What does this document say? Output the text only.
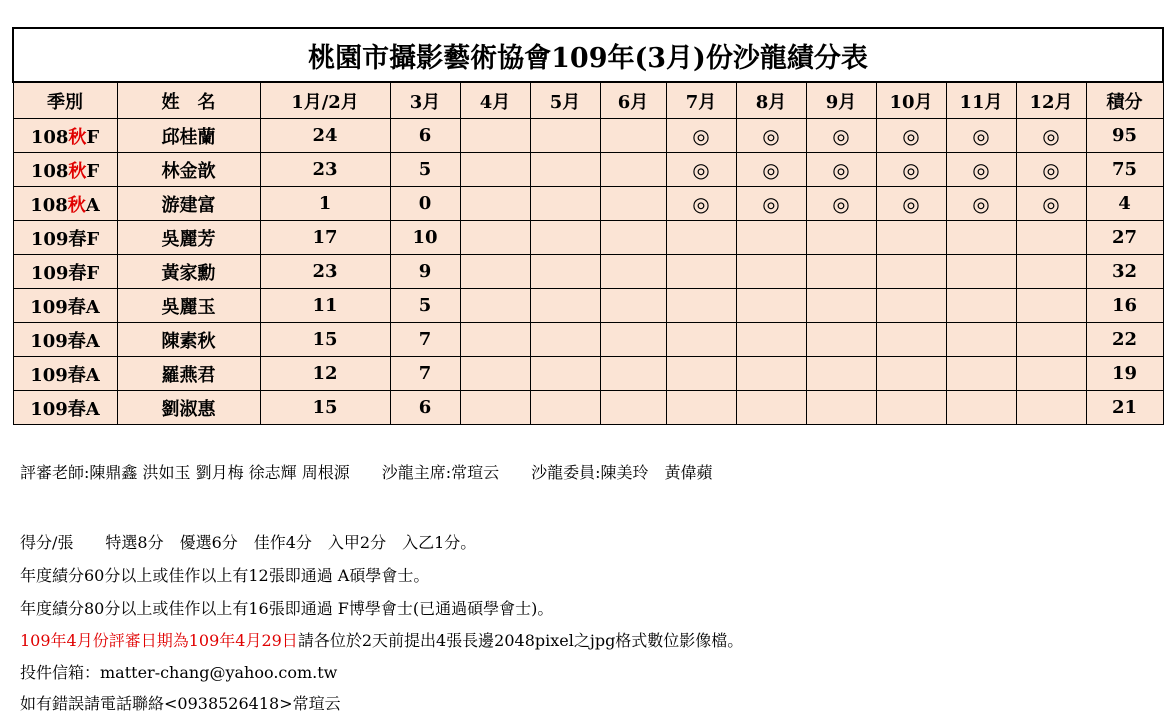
桃園市攝影藝術協會109年(3月)份沙龍績分表													
季別	姓　名	1月/2月	3月	4月	5月	6月	7月	8月	9月	10月	11月	12月	積分
108秋F	邱桂蘭	24	6				◎	◎	◎	◎	◎	◎	95
108秋F	林金歆	23	5				◎	◎	◎	◎	◎	◎	75
108秋A	游建富	1	0				◎	◎	◎	◎	◎	◎	4
109春F	吳麗芳	17	10										27
109春F	黃家勳	23	9										32
109春A	吳麗玉	11	5										16
109春A	陳素秋	15	7										22
109春A	羅燕君	12	7										19
109春A	劉淑惠	15	6										21

評審老師:陳鼎鑫 洪如玉 劉月梅 徐志輝 周根源　　沙龍主席:常瑄云　　沙龍委員:陳美玲　黃偉蘋

得分/張　　特選8分　優選6分　佳作4分　入甲2分　入乙1分。

年度績分60分以上或佳作以上有12張即通過 A碩學會士。

年度績分80分以上或佳作以上有16張即通過 F博學會士(已通過碩學會士)。

109年4月份評審日期為109年4月29日請各位於2天前提出4張長邊2048pixel之jpg格式數位影像檔。

投件信箱：matter-chang@yahoo.com.tw

如有錯誤請電話聯絡<0938526418>常瑄云
